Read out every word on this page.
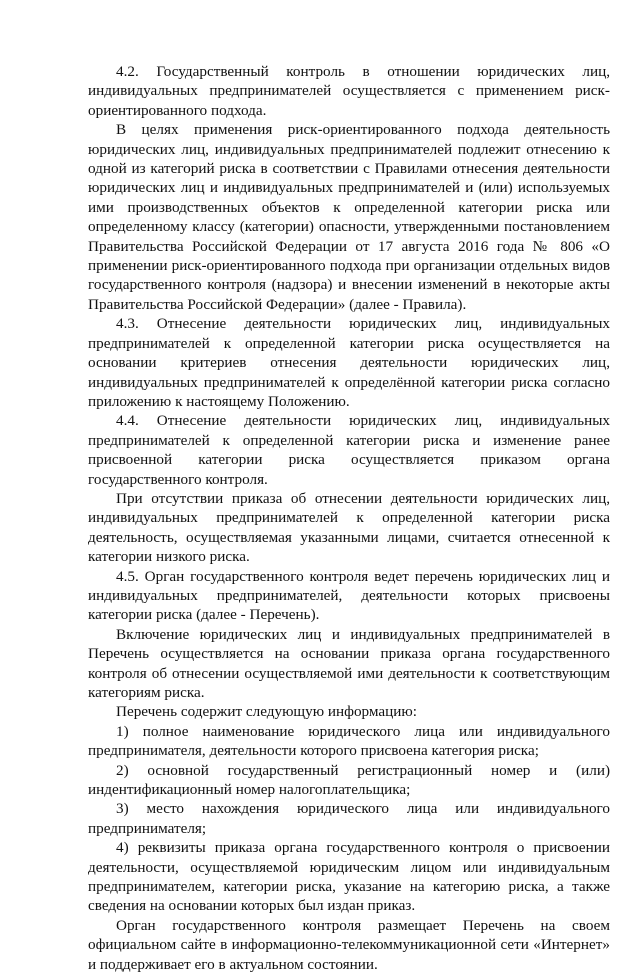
4.2. Государственный контроль в отношении юридических лиц, индивидуальных предпринимателей осуществляется с применением риск-ориентированного подхода.

В целях применения риск-ориентированного подхода деятельность юридических лиц, индивидуальных предпринимателей подлежит отнесению к одной из категорий риска в соответствии с Правилами отнесения деятельности юридических лиц и индивидуальных предпринимателей и (или) используемых ими производственных объектов к определенной категории риска или определенному классу (категории) опасности, утвержденными постановлением Правительства Российской Федерации от 17 августа 2016 года № 806 «О применении риск-ориентированного подхода при организации отдельных видов государственного контроля (надзора) и внесении изменений в некоторые акты Правительства Российской Федерации» (далее - Правила).

4.3. Отнесение деятельности юридических лиц, индивидуальных предпринимателей к определенной категории риска осуществляется на основании критериев отнесения деятельности юридических лиц, индивидуальных предпринимателей к определённой категории риска согласно приложению к настоящему Положению.

4.4. Отнесение деятельности юридических лиц, индивидуальных предпринимателей к определенной категории риска и изменение ранее присвоенной категории риска осуществляется приказом органа государственного контроля.

При отсутствии приказа об отнесении деятельности юридических лиц, индивидуальных предпринимателей к определенной категории риска деятельность, осуществляемая указанными лицами, считается отнесенной к категории низкого риска.

4.5. Орган государственного контроля ведет перечень юридических лиц и индивидуальных предпринимателей, деятельности которых присвоены категории риска (далее - Перечень).

Включение юридических лиц и индивидуальных предпринимателей в Перечень осуществляется на основании приказа органа государственного контроля об отнесении осуществляемой ими деятельности к соответствующим категориям риска.

Перечень содержит следующую информацию:

1) полное наименование юридического лица или индивидуального предпринимателя, деятельности которого присвоена категория риска;

2) основной государственный регистрационный номер и (или) индентификационный номер налогоплательщика;

3) место нахождения юридического лица или индивидуального предпринимателя;

4) реквизиты приказа органа государственного контроля о присвоении деятельности, осуществляемой юридическим лицом или индивидуальным предпринимателем, категории риска, указание на категорию риска, а также сведения на основании которых был издан приказ.

Орган государственного контроля размещает Перечень на своем официальном сайте в информационно-телекоммуникационной сети «Интернет» и поддерживает его в актуальном состоянии.
